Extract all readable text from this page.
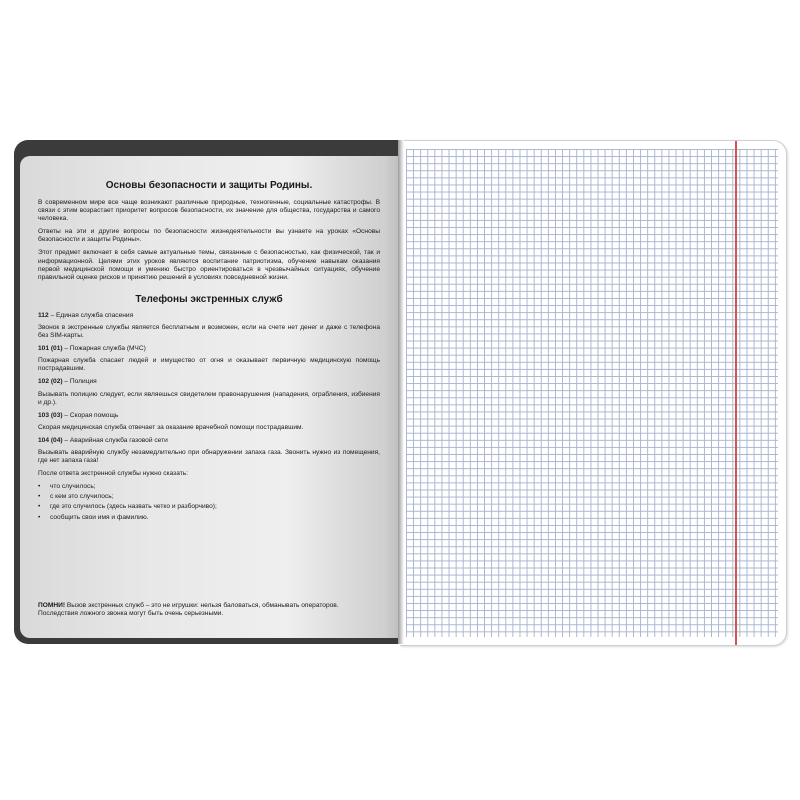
Основы безопасности и защиты Родины.
В современном мире все чаще возникают различные природные, техногенные, социальные катастрофы. В связи с этим возрастает приоритет вопросов безопасности, их значение для общества, государства и самого человека.
Ответы на эти и другие вопросы по безопасности жизнедеятельности вы узнаете на уроках «Основы безопасности и защиты Родины».
Этот предмет включает в себя самые актуальные темы, связанные с безопасностью, как физической, так и информационной. Целями этих уроков являются воспитание патриотизма, обучение навыкам оказания первой медицинской помощи и умению быстро ориентироваться в чрезвычайных ситуациях, обучение правильной оценке рисков и принятию решений в условиях повседневной жизни.
Телефоны экстренных служб
112 – Единая служба спасения
Звонок в экстренные службы является бесплатным и возможен, если на счете нет денег и даже с телефона без SIM-карты.
101 (01) – Пожарная служба (МЧС)
Пожарная служба спасает людей и имущество от огня и оказывает первичную медицинскую помощь пострадавшим.
102 (02) – Полиция
Вызывать полицию следует, если являешься свидетелем правонарушения (нападения, ограбления, избиения и др.).
103 (03) – Скорая помощь
Скорая медицинская служба отвечает за оказание врачебной помощи пострадавшим.
104 (04) – Аварийная служба газовой сети
Вызывать аварийную службу незамедлительно при обнаружении запаха газа. Звонить нужно из помещения, где нет запаха газа!
После ответа экстренной службы нужно сказать:
• что случилось;
• с кем это случилось;
• где это случилось (здесь назвать четко и разборчиво);
• сообщить свои имя и фамилию.
ПОМНИ! Вызов экстренных служб – это не игрушки: нельзя баловаться, обманывать операторов. Последствия ложного звонка могут быть очень серьезными.
